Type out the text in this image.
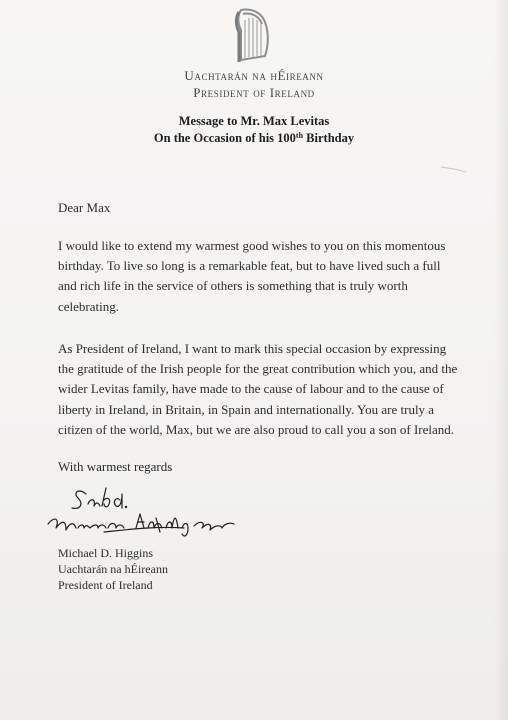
Uachtarán na hÉireann
President of Ireland
Message to Mr. Max Levitas
On the Occasion of his 100th Birthday
Dear Max

I would like to extend my warmest good wishes to you on this momentous birthday. To live so long is a remarkable feat, but to have lived such a full and rich life in the service of others is something that is truly worth celebrating.

As President of Ireland, I want to mark this special occasion by expressing the gratitude of the Irish people for the great contribution which you, and the wider Levitas family, have made to the cause of labour and to the cause of liberty in Ireland, in Britain, in Spain and internationally. You are truly a citizen of the world, Max, but we are also proud to call you a son of Ireland.

With warmest regards
Michael D. Higgins
Uachtarán na hÉireann
President of Ireland
